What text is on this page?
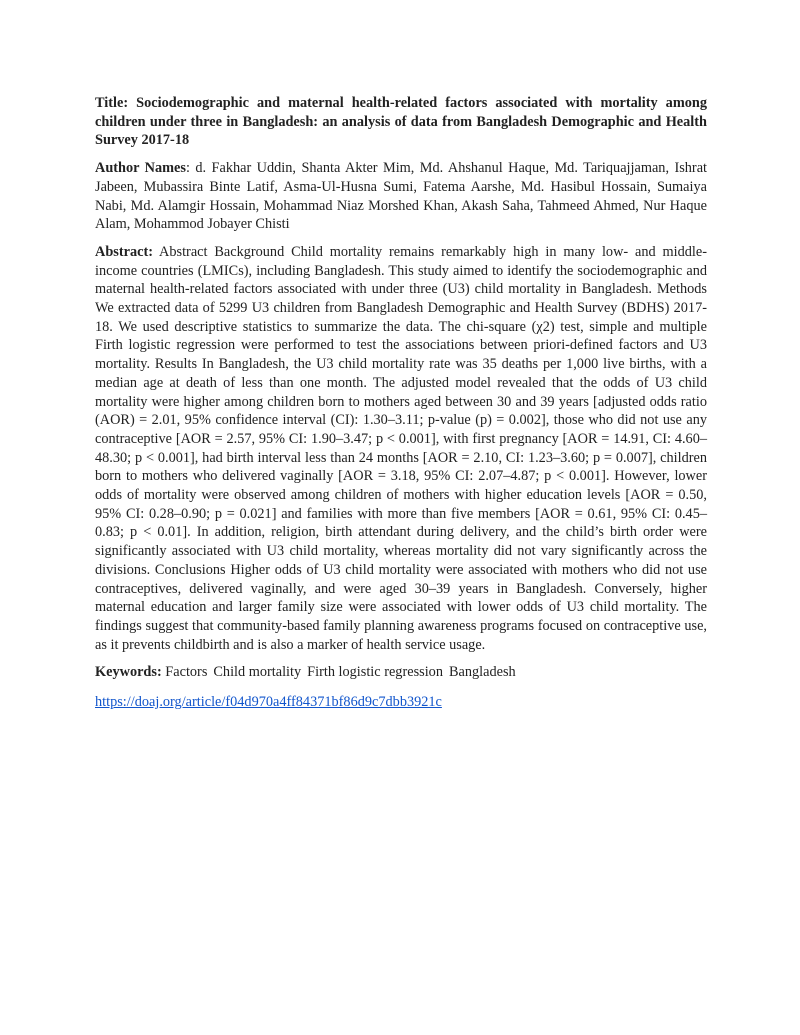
Title: Sociodemographic and maternal health-related factors associated with mortality among children under three in Bangladesh: an analysis of data from Bangladesh Demographic and Health Survey 2017-18

Author Names: d. Fakhar Uddin, Shanta Akter Mim, Md. Ahshanul Haque, Md. Tariquajjaman, Ishrat Jabeen, Mubassira Binte Latif, Asma-Ul-Husna Sumi, Fatema Aarshe, Md. Hasibul Hossain, Sumaiya Nabi, Md. Alamgir Hossain, Mohammad Niaz Morshed Khan, Akash Saha, Tahmeed Ahmed, Nur Haque Alam, Mohammod Jobayer Chisti

Abstract: Abstract Background Child mortality remains remarkably high in many low- and middle-income countries (LMICs), including Bangladesh. This study aimed to identify the sociodemographic and maternal health-related factors associated with under three (U3) child mortality in Bangladesh. Methods We extracted data of 5299 U3 children from Bangladesh Demographic and Health Survey (BDHS) 2017-18. We used descriptive statistics to summarize the data. The chi-square (χ2) test, simple and multiple Firth logistic regression were performed to test the associations between priori-defined factors and U3 mortality. Results In Bangladesh, the U3 child mortality rate was 35 deaths per 1,000 live births, with a median age at death of less than one month. The adjusted model revealed that the odds of U3 child mortality were higher among children born to mothers aged between 30 and 39 years [adjusted odds ratio (AOR) = 2.01, 95% confidence interval (CI): 1.30–3.11; p-value (p) = 0.002], those who did not use any contraceptive [AOR = 2.57, 95% CI: 1.90–3.47; p < 0.001], with first pregnancy [AOR = 14.91, CI: 4.60–48.30; p < 0.001], had birth interval less than 24 months [AOR = 2.10, CI: 1.23–3.60; p = 0.007], children born to mothers who delivered vaginally [AOR = 3.18, 95% CI: 2.07–4.87; p < 0.001]. However, lower odds of mortality were observed among children of mothers with higher education levels [AOR = 0.50, 95% CI: 0.28–0.90; p = 0.021] and families with more than five members [AOR = 0.61, 95% CI: 0.45–0.83; p < 0.01]. In addition, religion, birth attendant during delivery, and the child’s birth order were significantly associated with U3 child mortality, whereas mortality did not vary significantly across the divisions. Conclusions Higher odds of U3 child mortality were associated with mothers who did not use contraceptives, delivered vaginally, and were aged 30–39 years in Bangladesh. Conversely, higher maternal education and larger family size were associated with lower odds of U3 child mortality. The findings suggest that community-based family planning awareness programs focused on contraceptive use, as it prevents childbirth and is also a marker of health service usage.

Keywords: Factors Child mortality Firth logistic regression Bangladesh

https://doaj.org/article/f04d970a4ff84371bf86d9c7dbb3921c
